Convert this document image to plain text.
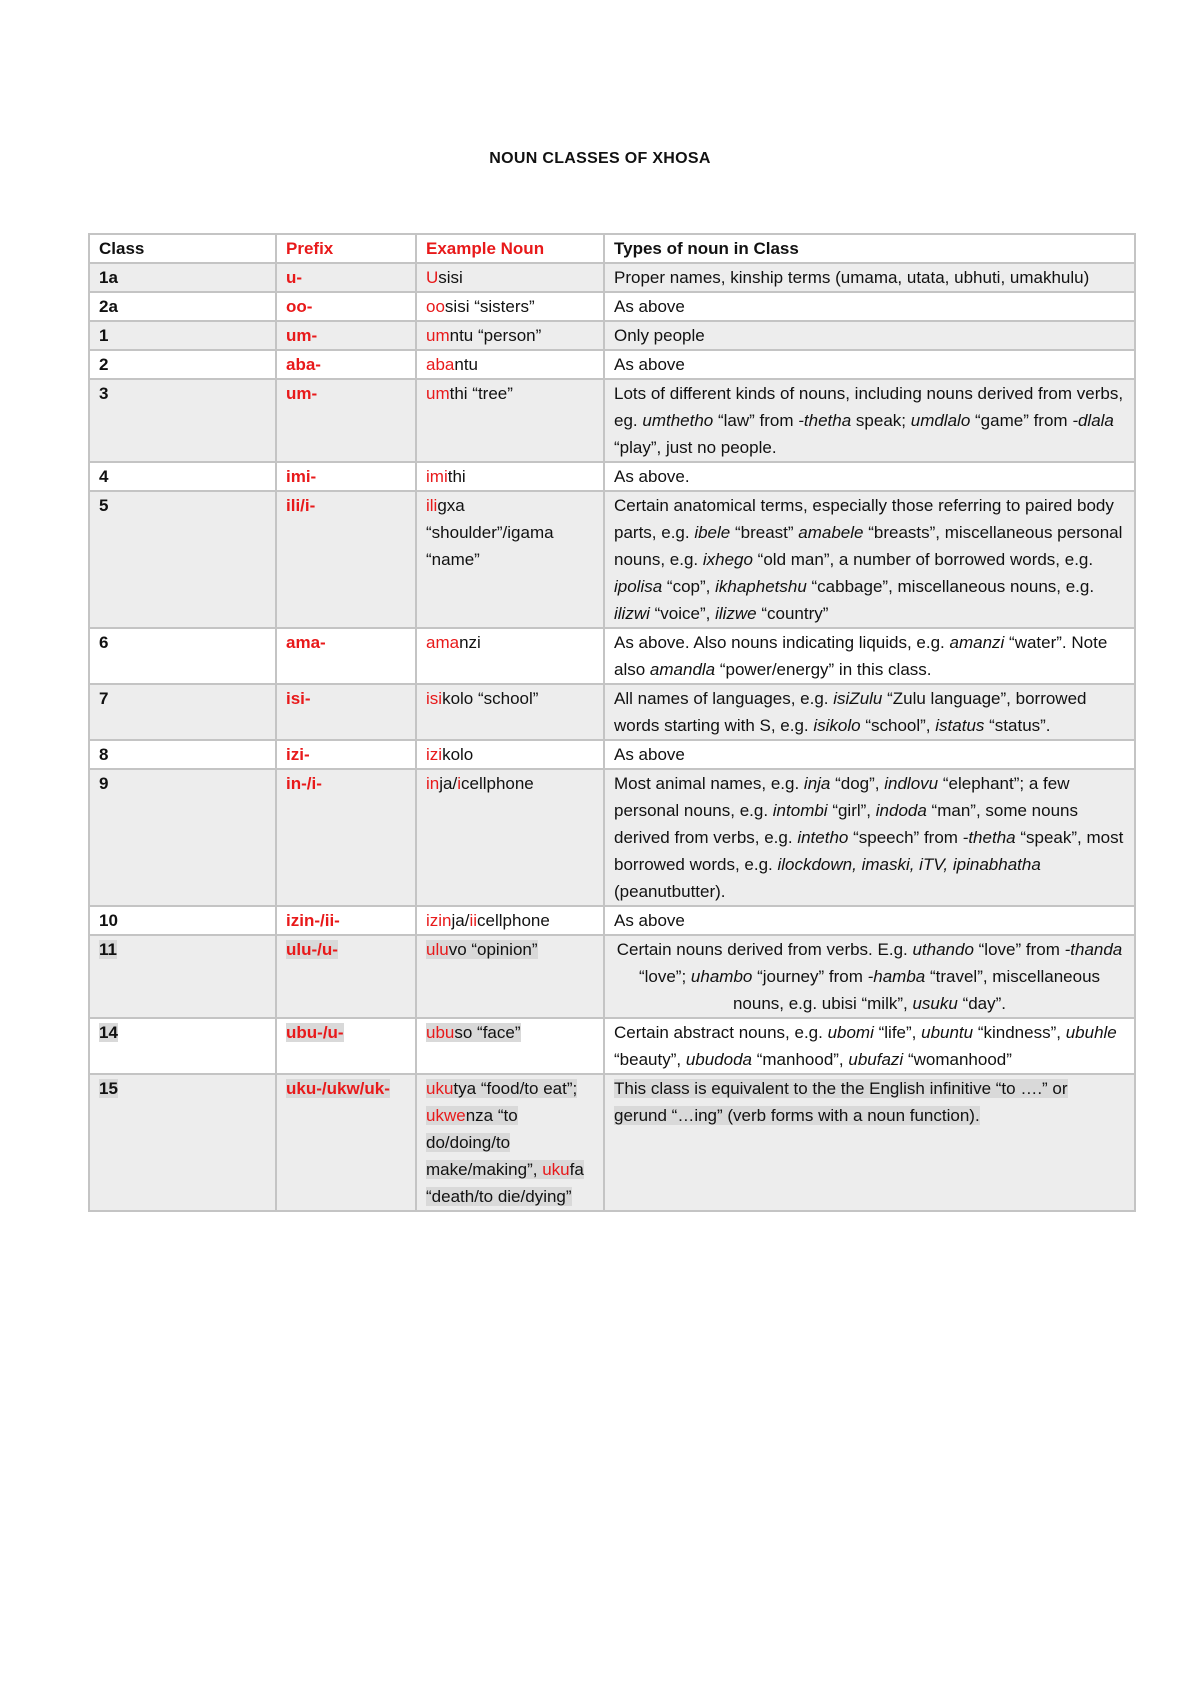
NOUN CLASSES OF XHOSA
Class	Prefix	Example Noun	Types of noun in Class
1a	u-	Usisi	Proper names, kinship terms (umama, utata, ubhuti, umakhulu)
2a	oo-	oosisi “sisters”	As above
1	um-	umntu “person”	Only people
2	aba-	abantu	As above
3	um-	umthi “tree”	Lots of different kinds of nouns, including nouns derived from verbs, eg. umthetho “law” from -thetha speak; umdlalo “game” from -dlala “play”, just no people.
4	imi-	imithi	As above.
5	ili/i-	iligxa “shoulder”/igama “name”	Certain anatomical terms, especially those referring to paired body parts, e.g. ibele “breast” amabele “breasts”, miscellaneous personal nouns, e.g. ixhego “old man”, a number of borrowed words, e.g. ipolisa “cop”, ikhaphetshu “cabbage”, miscellaneous nouns, e.g. ilizwi “voice”, ilizwe “country”
6	ama-	amanzi	As above. Also nouns indicating liquids, e.g. amanzi “water”. Note also amandla “power/energy” in this class.
7	isi-	isikolo “school”	All names of languages, e.g. isiZulu “Zulu language”, borrowed words starting with S, e.g. isikolo “school”, istatus “status”.
8	izi-	izikolo	As above
9	in-/i-	inja/icellphone	Most animal names, e.g. inja “dog”, indlovu “elephant”; a few personal nouns, e.g. intombi “girl”, indoda “man”, some nouns derived from verbs, e.g. intetho “speech” from -thetha “speak”, most borrowed words, e.g. ilockdown, imaski, iTV, ipinabhatha (peanutbutter).
10	izin-/ii-	izinja/iicellphone	As above
11	ulu-/u-	uluvo “opinion”	Certain nouns derived from verbs. E.g. uthando “love” from -thanda “love”; uhambo “journey” from -hamba “travel”, miscellaneous nouns, e.g. ubisi “milk”, usuku “day”.
14	ubu-/u-	ubuso “face”	Certain abstract nouns, e.g. ubomi “life”, ubuntu “kindness”, ubuhle “beauty”, ubudoda “manhood”, ubufazi “womanhood”
15	uku-/ukw/uk-	ukutya “food/to eat”; ukwenza “to do/doing/to make/making”, ukufa “death/to die/dying”	This class is equivalent to the the English infinitive “to ….” or gerund “…ing” (verb forms with a noun function).
